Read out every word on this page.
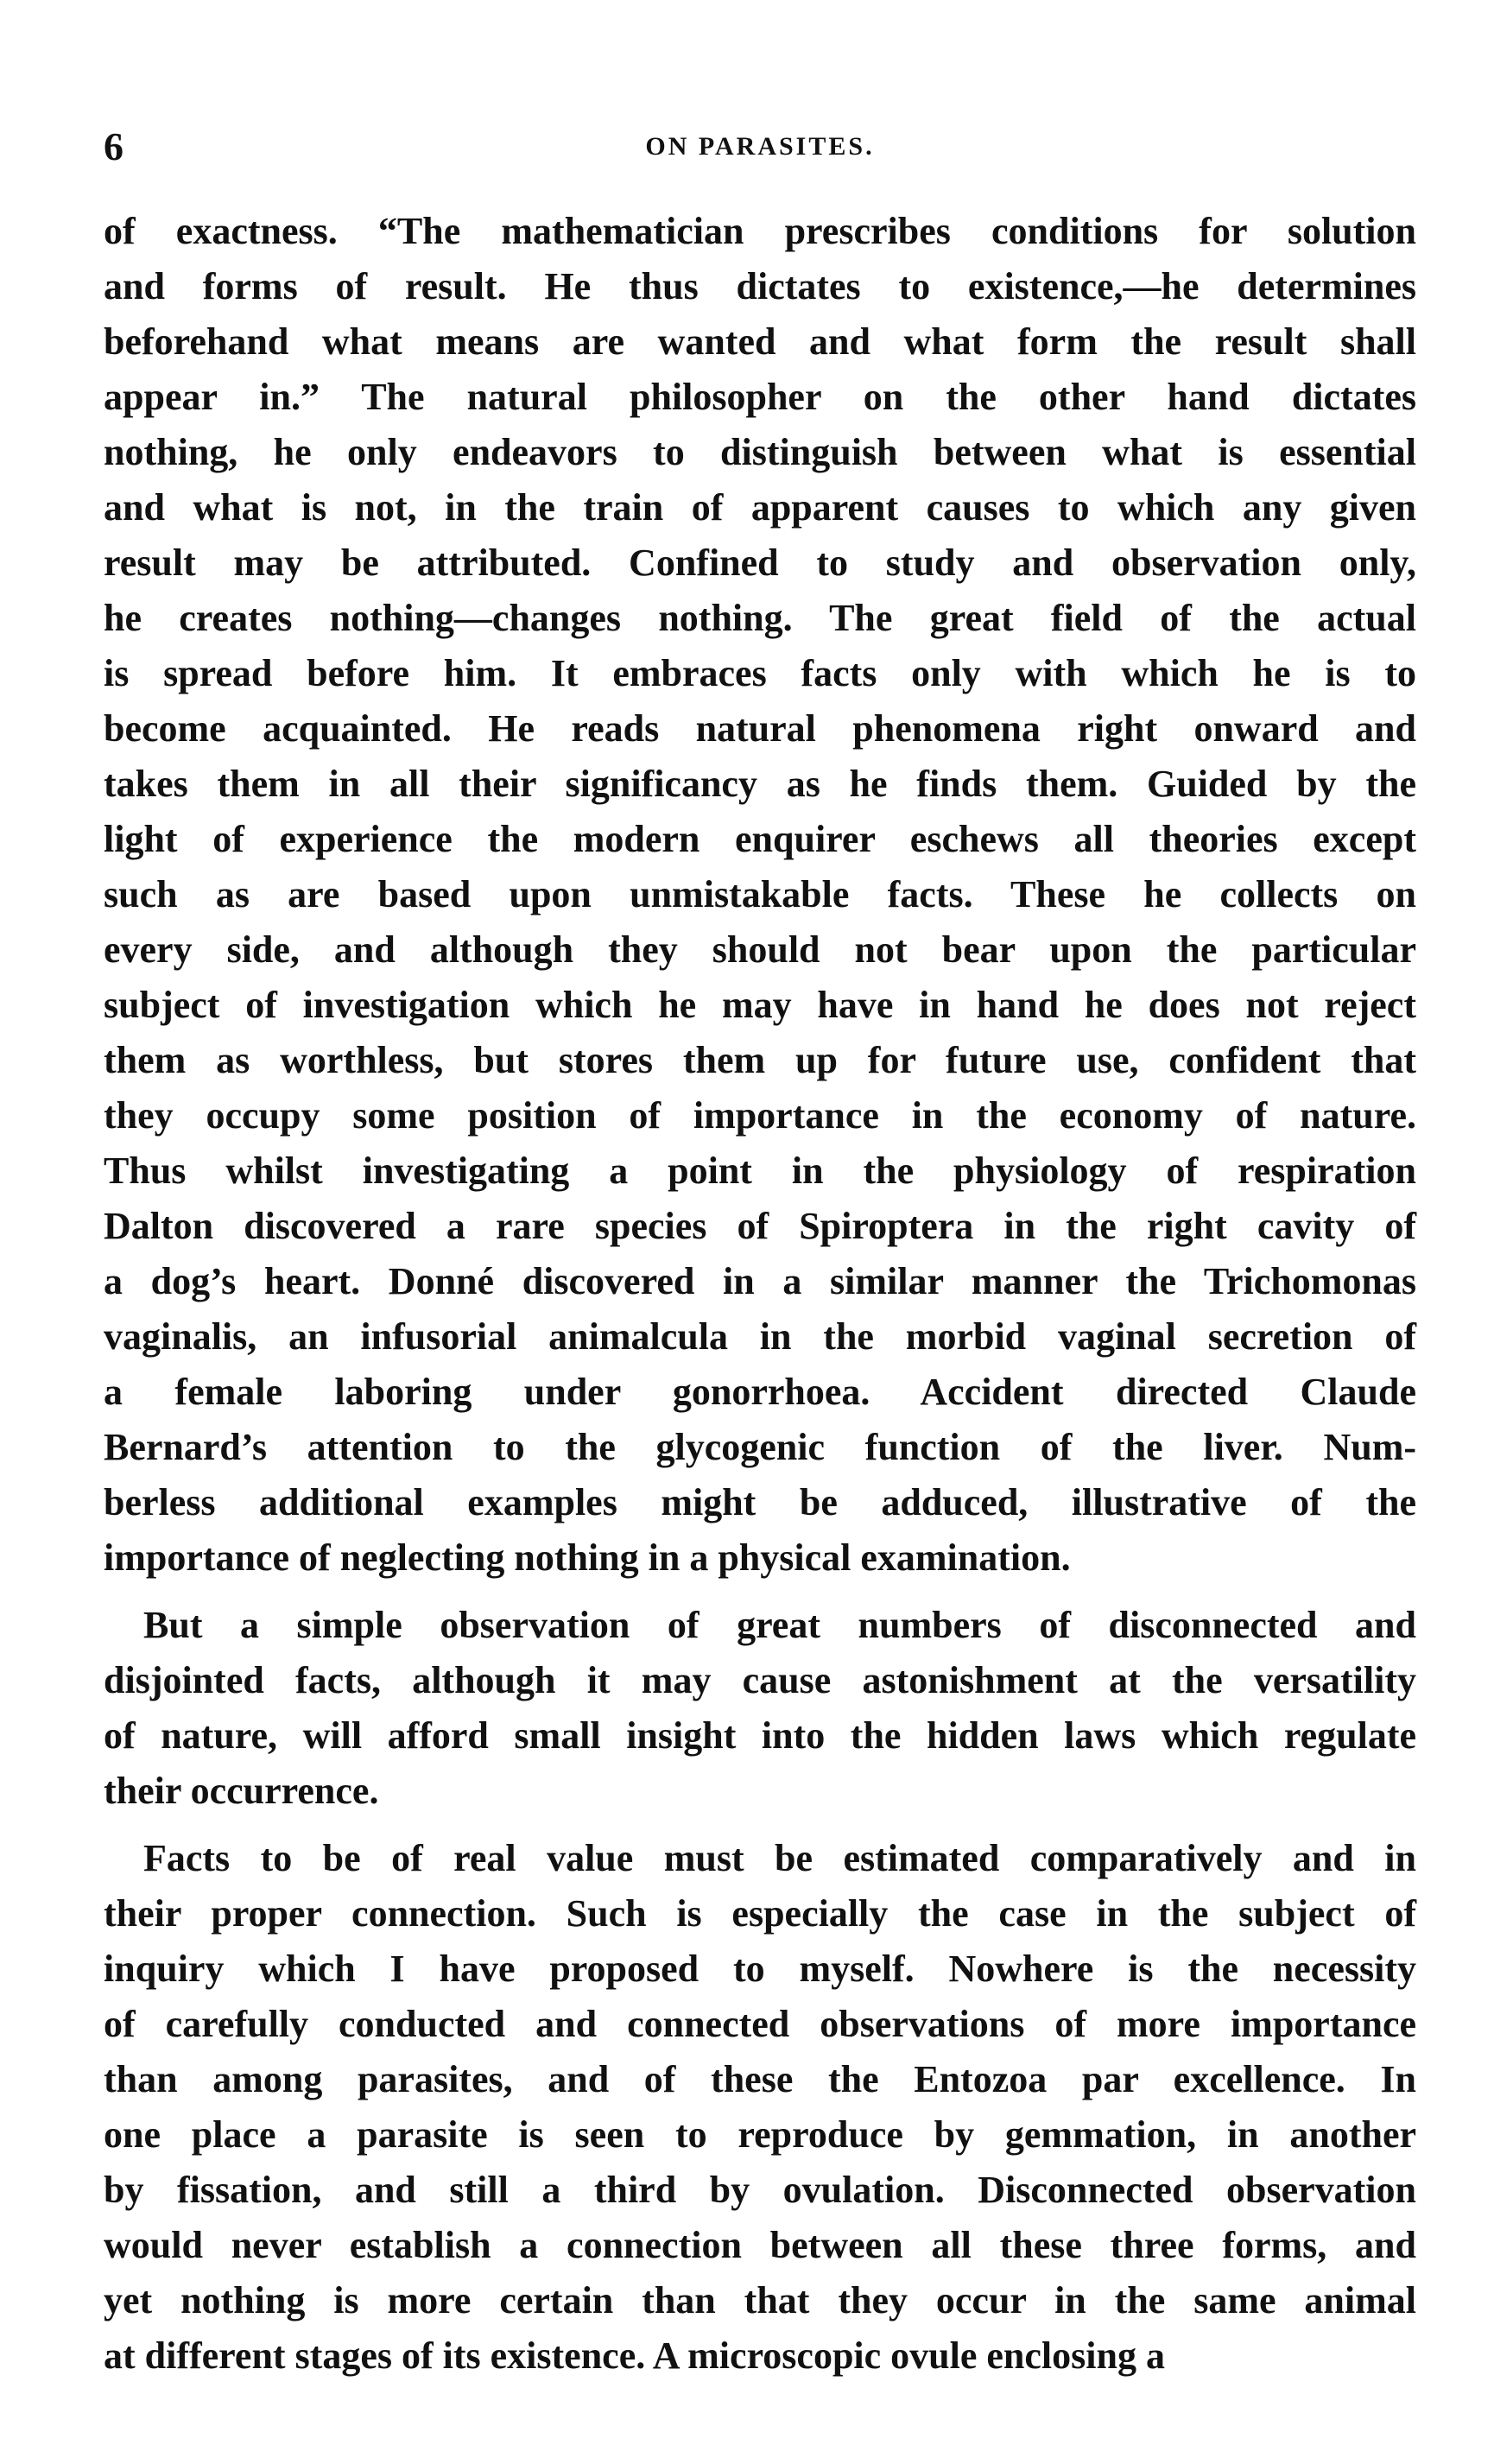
6	ON PARASITES.
of exactness. “The mathematician prescribes conditions for solution
and forms of result. He thus dictates to existence,—he determines
beforehand what means are wanted and what form the result shall
appear in.” The natural philosopher on the other hand dictates
nothing, he only endeavors to distinguish between what is essential
and what is not, in the train of apparent causes to which any given
result may be attributed. Confined to study and observation only,
he creates nothing—changes nothing. The great field of the actual
is spread before him. It embraces facts only with which he is to
become acquainted. He reads natural phenomena right onward and
takes them in all their significancy as he finds them. Guided by the
light of experience the modern enquirer eschews all theories except
such as are based upon unmistakable facts. These he collects on
every side, and although they should not bear upon the particular
subject of investigation which he may have in hand he does not reject
them as worthless, but stores them up for future use, confident that
they occupy some position of importance in the economy of nature.
Thus whilst investigating a point in the physiology of respiration
Dalton discovered a rare species of Spiroptera in the right cavity of
a dog’s heart. Donné discovered in a similar manner the Trichomonas
vaginalis, an infusorial animalcula in the morbid vaginal secretion of
a female laboring under gonorrhoea. Accident directed Claude
Bernard’s attention to the glycogenic function of the liver. Num-
berless additional examples might be adduced, illustrative of the
importance of neglecting nothing in a physical examination.
But a simple observation of great numbers of disconnected and
disjointed facts, although it may cause astonishment at the versatility
of nature, will afford small insight into the hidden laws which regulate
their occurrence.
Facts to be of real value must be estimated comparatively and in
their proper connection. Such is especially the case in the subject of
inquiry which I have proposed to myself. Nowhere is the necessity
of carefully conducted and connected observations of more importance
than among parasites, and of these the Entozoa par excellence. In
one place a parasite is seen to reproduce by gemmation, in another
by fissation, and still a third by ovulation. Disconnected observation
would never establish a connection between all these three forms, and
yet nothing is more certain than that they occur in the same animal
at different stages of its existence. A microscopic ovule enclosing a
